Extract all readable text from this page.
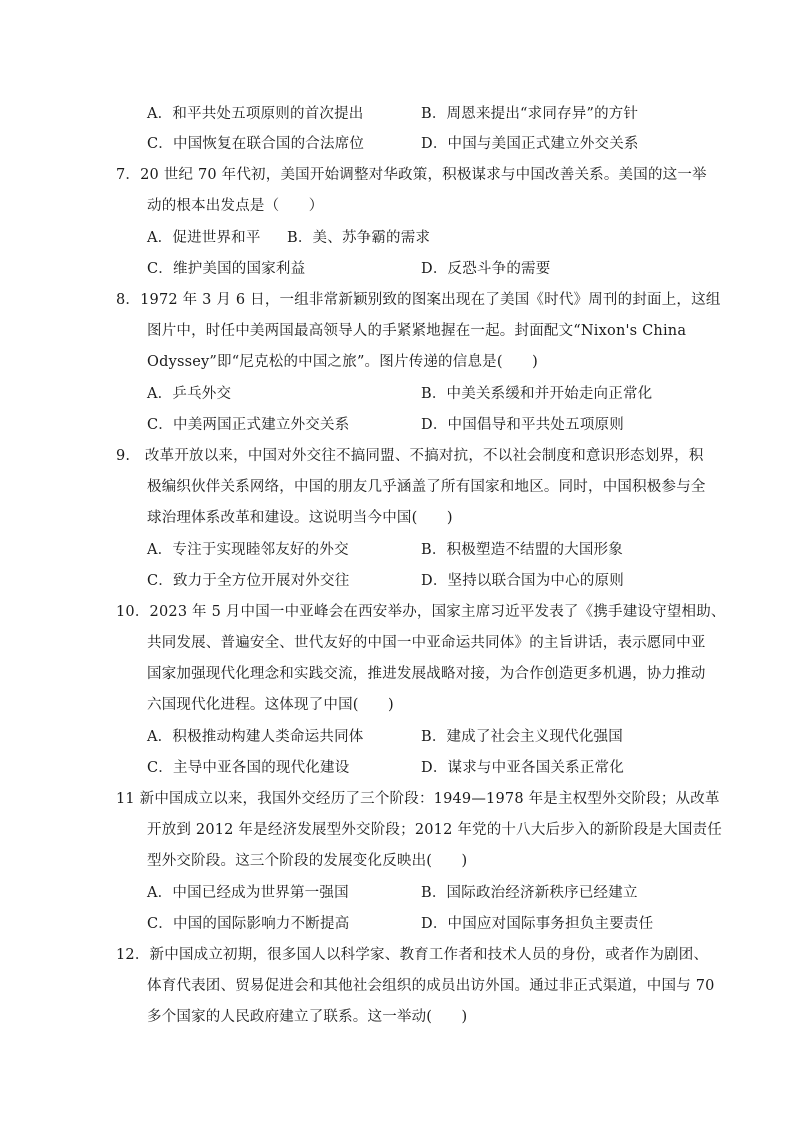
A．和平共处五项原则的首次提出	B．周恩来提出“求同存异”的方针
C．中国恢复在联合国的合法席位	D．中国与美国正式建立外交关系
7．20 世纪 70 年代初，美国开始调整对华政策，积极谋求与中国改善关系。美国的这一举
动的根本出发点是（　　）
A．促进世界和平 B．美、苏争霸的需求
C．维护美国的国家利益	D．反恐斗争的需要
8．1972 年 3 月 6 日，一组非常新颖别致的图案出现在了美国《时代》周刊的封面上，这组
图片中，时任中美两国最高领导人的手紧紧地握在一起。封面配文“Nixon's China
Odyssey”即“尼克松的中国之旅”。图片传递的信息是(　　)
A．乒乓外交	B．中美关系缓和并开始走向正常化
C．中美两国正式建立外交关系	D．中国倡导和平共处五项原则
9.　改革开放以来，中国对外交往不搞同盟、不搞对抗，不以社会制度和意识形态划界，积
极编织伙伴关系网络，中国的朋友几乎涵盖了所有国家和地区。同时，中国积极参与全
球治理体系改革和建设。这说明当今中国(　　)
A．专注于实现睦邻友好的外交	B．积极塑造不结盟的大国形象
C．致力于全方位开展对外交往	D．坚持以联合国为中心的原则
10．2023 年 5 月中国一中亚峰会在西安举办，国家主席习近平发表了《携手建设守望相助、
共同发展、普遍安全、世代友好的中国一中亚命运共同体》的主旨讲话，表示愿同中亚
国家加强现代化理念和实践交流，推进发展战略对接，为合作创造更多机遇，协力推动
六国现代化进程。这体现了中国(　　)
A．积极推动构建人类命运共同体	B．建成了社会主义现代化强国
C．主导中亚各国的现代化建设	D．谋求与中亚各国关系正常化
11 新中国成立以来，我国外交经历了三个阶段：1949—1978 年是主权型外交阶段；从改革
开放到 2012 年是经济发展型外交阶段；2012 年党的十八大后步入的新阶段是大国责任
型外交阶段。这三个阶段的发展变化反映出(　　)
A．中国已经成为世界第一强国	B．国际政治经济新秩序已经建立
C．中国的国际影响力不断提高	D．中国应对国际事务担负主要责任
12．新中国成立初期，很多国人以科学家、教育工作者和技术人员的身份，或者作为剧团、
体育代表团、贸易促进会和其他社会组织的成员出访外国。通过非正式渠道，中国与 70
多个国家的人民政府建立了联系。这一举动(　　)
